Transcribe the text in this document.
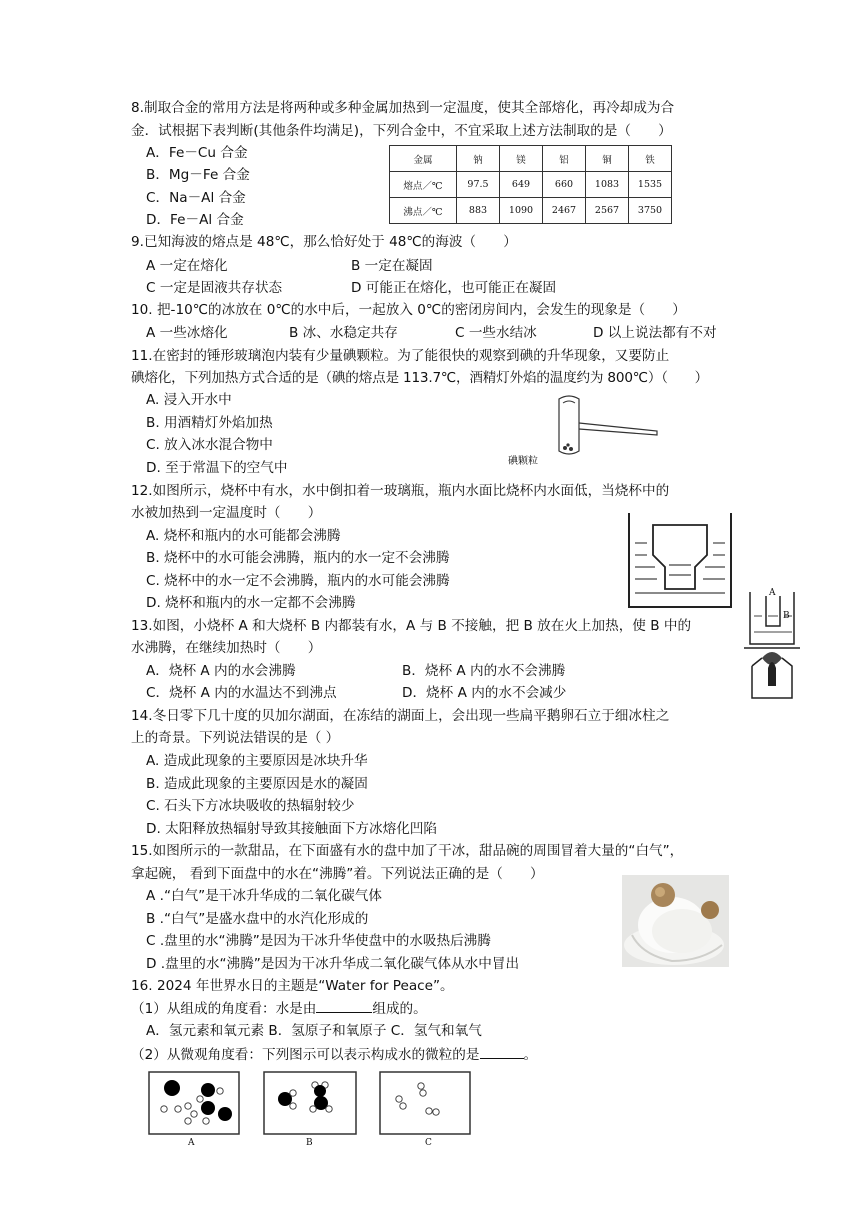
8.制取合金的常用方法是将两种或多种金属加热到一定温度，使其全部熔化，再冷却成为合
金．试根据下表判断(其他条件均满足)，下列合金中，不宜采取上述方法制取的是（　　）
A．Fe－Cu 合金
B．Mg－Fe 合金
C．Na－Al 合金
D．Fe－Al 合金
金属	钠	镁	铝	铜	铁
熔点／℃	97.5	649	660	1083	1535
沸点／℃	883	1090	2467	2567	3750
9.已知海波的熔点是 48℃，那么恰好处于 48℃的海波（　　）
A 一定在熔化	B 一定在凝固
C 一定是固液共存状态	D 可能正在熔化，也可能正在凝固
10. 把-10℃的冰放在 0℃的水中后，一起放入 0℃的密闭房间内，会发生的现象是（　　）
A 一些冰熔化	B 冰、水稳定共存	C 一些水结冰	D 以上说法都有不对
11.在密封的锤形玻璃泡内装有少量碘颗粒。为了能很快的观察到碘的升华现象，又要防止
碘熔化，下列加热方式合适的是（碘的熔点是 113.7℃，酒精灯外焰的温度约为 800℃）（　　）
A. 浸入开水中
B. 用酒精灯外焰加热
C. 放入冰水混合物中
D. 至于常温下的空气中	碘颗粒
12.如图所示，烧杯中有水，水中倒扣着一玻璃瓶，瓶内水面比烧杯内水面低，当烧杯中的
水被加热到一定温度时（　　）
A. 烧杯和瓶内的水可能都会沸腾
B. 烧杯中的水可能会沸腾，瓶内的水一定不会沸腾
C. 烧杯中的水一定不会沸腾，瓶内的水可能会沸腾
D. 烧杯和瓶内的水一定都不会沸腾
13.如图，小烧杯 A 和大烧杯 B 内都装有水，A 与 B 不接触，把 B 放在火上加热，使 B 中的
水沸腾，在继续加热时（　　）
A．烧杯 A 内的水会沸腾	B．烧杯 A 内的水不会沸腾
C．烧杯 A 内的水温达不到沸点	D．烧杯 A 内的水不会减少
A
B
14.冬日零下几十度的贝加尔湖面，在冻结的湖面上，会出现一些扁平鹅卵石立于细冰柱之
上的奇景。下列说法错误的是（ ）
A. 造成此现象的主要原因是冰块升华
B. 造成此现象的主要原因是水的凝固
C. 石头下方冰块吸收的热辐射较少
D. 太阳释放热辐射导致其接触面下方冰熔化凹陷
15.如图所示的一款甜品，在下面盛有水的盘中加了干冰，甜品碗的周围冒着大量的“白气”，
拿起碗， 看到下面盘中的水在“沸腾”着。下列说法正确的是（　　）
A .“白气”是干冰升华成的二氧化碳气体
B .“白气”是盛水盘中的水汽化形成的
C .盘里的水“沸腾”是因为干冰升华使盘中的水吸热后沸腾
D .盘里的水“沸腾”是因为干冰升华成二氧化碳气体从水中冒出
16. 2024 年世界水日的主题是“Water for Peace”。
（1）从组成的角度看：水是由	组成的。
A．氢元素和氧元素 B．氢原子和氧原子 C．氢气和氧气
（2）从微观角度看：下列图示可以表示构成水的微粒的是	。
A	B	C
